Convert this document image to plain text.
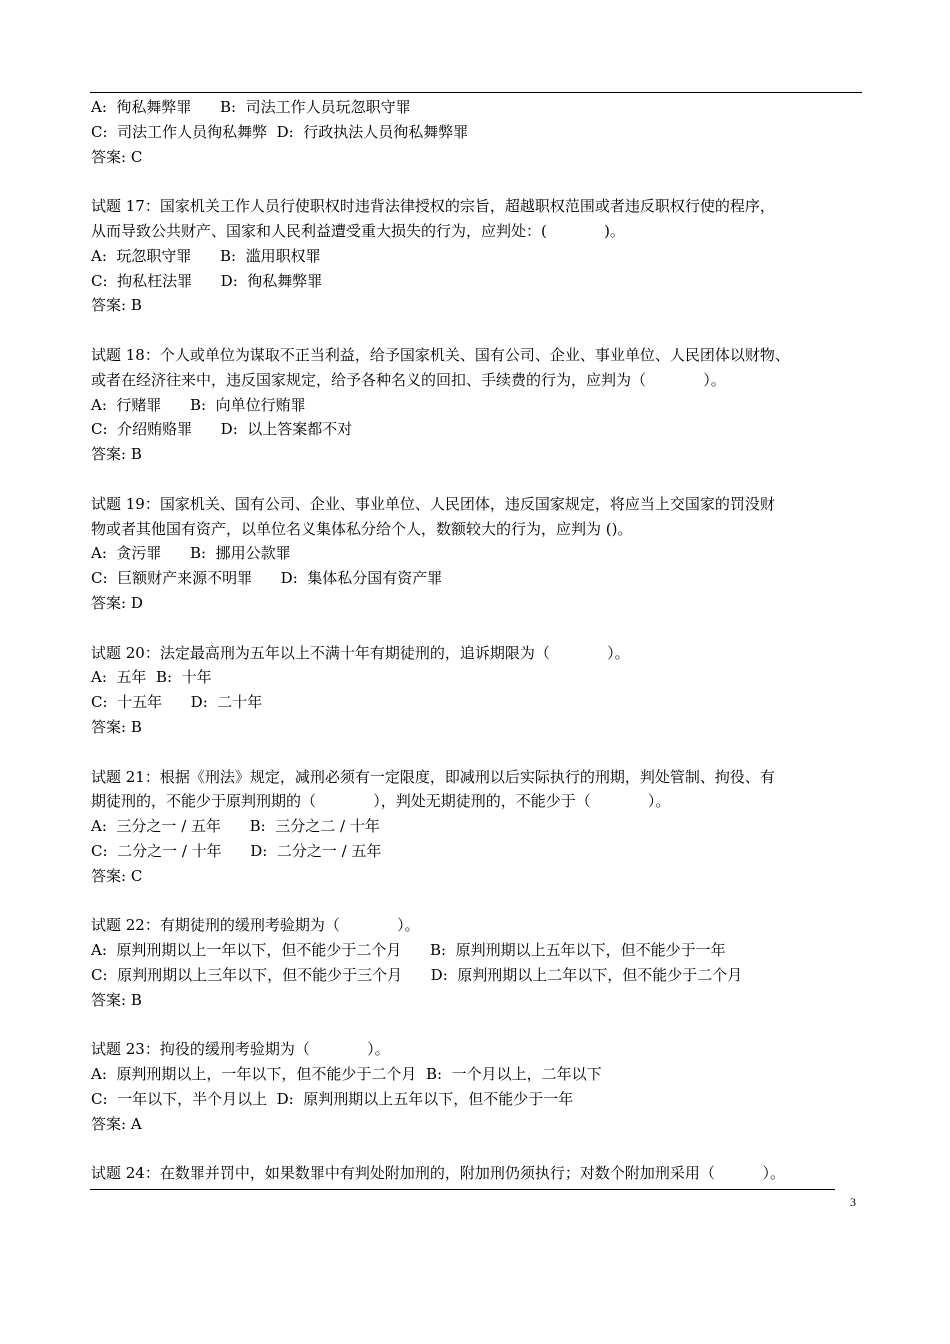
A:  徇私舞弊罪      B:  司法工作人员玩忽职守罪
C:  司法工作人员徇私舞弊  D:  行政执法人员徇私舞弊罪
答案: C
试题 17：国家机关工作人员行使职权时违背法律授权的宗旨，超越职权范围或者违反职权行使的程序，
从而导致公共财产、国家和人民利益遭受重大损失的行为，应判处：(            )。
A:  玩忽职守罪      B:  滥用职权罪
C:  拘私枉法罪      D:  徇私舞弊罪
答案: B
试题 18：个人或单位为谋取不正当利益，给予国家机关、国有公司、企业、事业单位、人民团体以财物、
或者在经济往来中，违反国家规定，给予各种名义的回扣、手续费的行为，应判为（            ）。
A:  行赌罪      B:  向单位行贿罪
C:  介绍贿赂罪      D:  以上答案都不对
答案: B
试题 19：国家机关、国有公司、企业、事业单位、人民团体，违反国家规定，将应当上交国家的罚没财
物或者其他国有资产，以单位名义集体私分给个人，数额较大的行为，应判为 ()。
A:  贪污罪      B:  挪用公款罪
C:  巨额财产来源不明罪      D:  集体私分国有资产罪
答案: D
试题 20：法定最高刑为五年以上不满十年有期徒刑的，追诉期限为（            ）。
A:  五年  B:  十年
C:  十五年      D:  二十年
答案: B
试题 21：根据《刑法》规定，减刑必须有一定限度，即减刑以后实际执行的刑期，判处管制、拘役、有
期徒刑的，不能少于原判刑期的（            ），判处无期徒刑的，不能少于（            ）。
A:  三分之一 / 五年      B:  三分之二 / 十年
C:  二分之一 / 十年      D:  二分之一 / 五年
答案: C
试题 22：有期徒刑的缓刑考验期为（            ）。
A:  原判刑期以上一年以下，但不能少于二个月      B:  原判刑期以上五年以下，但不能少于一年
C:  原判刑期以上三年以下，但不能少于三个月      D:  原判刑期以上二年以下，但不能少于二个月
答案: B
试题 23：拘役的缓刑考验期为（            ）。
A:  原判刑期以上，一年以下，但不能少于二个月  B:  一个月以上，二年以下
C:  一年以下，半个月以上  D:  原判刑期以上五年以下，但不能少于一年
答案: A
试题 24：在数罪并罚中，如果数罪中有判处附加刑的，附加刑仍须执行；对数个附加刑采用（          ）。
3
